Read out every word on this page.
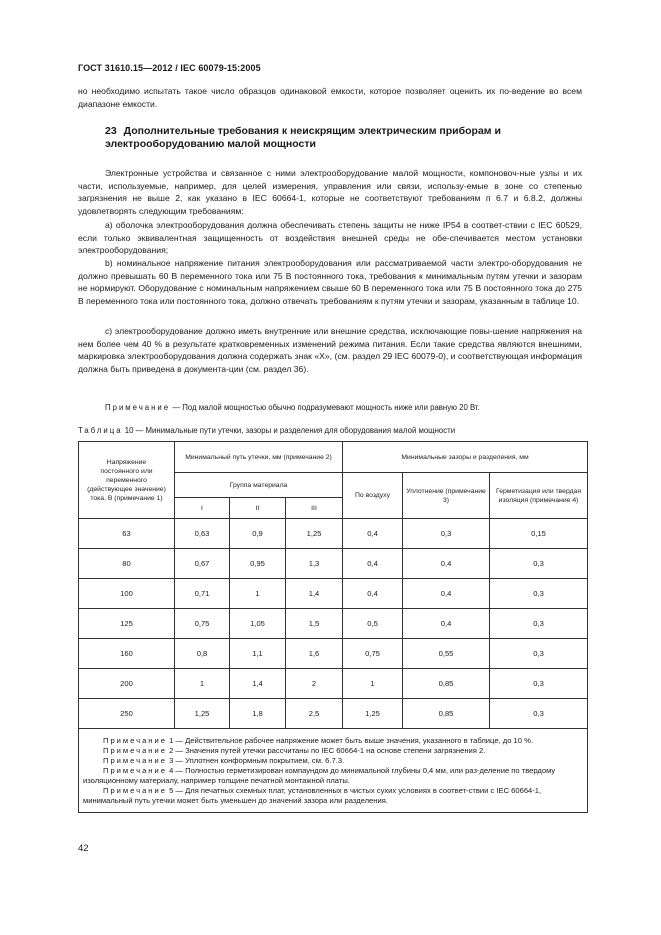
ГОСТ 31610.15—2012 / IEC 60079-15:2005
но необходимо испытать такое число образцов одинаковой емкости, которое позволяет оценить их по-ведение во всем диапазоне емкости.
23 Дополнительные требования к неискрящим электрическим приборам и электрооборудованию малой мощности
Электронные устройства и связанное с ними электрооборудование малой мощности, компоновоч-ные узлы и их части, используемые, например, для целей измерения, управления или связи, использу-емые в зоне со степенью загрязнения не выше 2, как указано в IEC 60664-1, которые не соответствуют требованиям п 6.7 и 6.8.2, должны удовлетворять следующим требованиям:
а) оболочка электрооборудования должна обеспечивать степень защиты не ниже IP54 в соответ-ствии с IEC 60529, если только эквивалентная защищенность от воздействия внешней среды не обе-спечивается местом установки электрооборудования;
b) номинальное напряжение питания электрооборудования или рассматриваемой части электро-оборудования не должно превышать 60 В переменного тока или 75 В постоянного тока, требования к минимальным путям утечки и зазорам не нормируют. Оборудование с номинальным напряжением свыше 60 В переменного тока или 75 В постоянного тока до 275 В переменного тока или постоянного тока, должно отвечать требованиям к путям утечки и зазорам, указанным в таблице 10.
с) электрооборудование должно иметь внутренние или внешние средства, исключающие повы-шение напряжения на нем более чем 40 % в результате кратковременных изменений режима питания. Если такие средства являются внешними, маркировка электрооборудования должна содержать знак «Х», (см. раздел 29 IEC 60079-0), и соответствующая информация должна быть приведена в документа-ции (см. раздел 36).
Примечание — Под малой мощностью обычно подразумевают мощность ниже или равную 20 Вт.
Таблица 10 — Минимальные пути утечки, зазоры и разделения для оборудования малой мощности
Напряжение постоянного или переменного (действующее значение) тока, В (примечание 1)	Минимальный путь утечки, мм (примечание 2)			Минимальные зазоры и разделения, мм		
	Группа материала			По воздуху	Уплотнение (примечание 3)	Герметизация или твердая изоляция (примечание 4)
	I	II	III			
63	0,63	0,9	1,25	0,4	0,3	0,15
80	0,67	0,95	1,3	0,4	0,4	0,3
100	0,71	1	1,4	0,4	0,4	0,3
125	0,75	1,05	1,5	0,5	0,4	0,3
160	0,8	1,1	1,6	0,75	0,55	0,3
200	1	1,4	2	1	0,85	0,3
250	1,25	1,8	2,5	1,25	0,85	0,3

Примечание 1 — Действительное рабочее напряжение может быть выше значения, указанного в таблице, до 10 %.
Примечание 2 — Значения путей утечки рассчитаны по IEC 60664-1 на основе степени загрязнения 2.
Примечание 3 — Уплотнен конформным покрытием, см. 6.7.3.
Примечание 4 — Полностью герметизирован компаундом до минимальной глубины 0,4 мм, или раз-деление по твердому изоляционному материалу, например толщине печатной монтажной платы.
Примечание 5 — Для печатных схемных плат, установленных в чистых сухих условиях в соответ-ствии с IEC 60664-1, минимальный путь утечки может быть уменьшен до значений зазора или разделения.						
42
